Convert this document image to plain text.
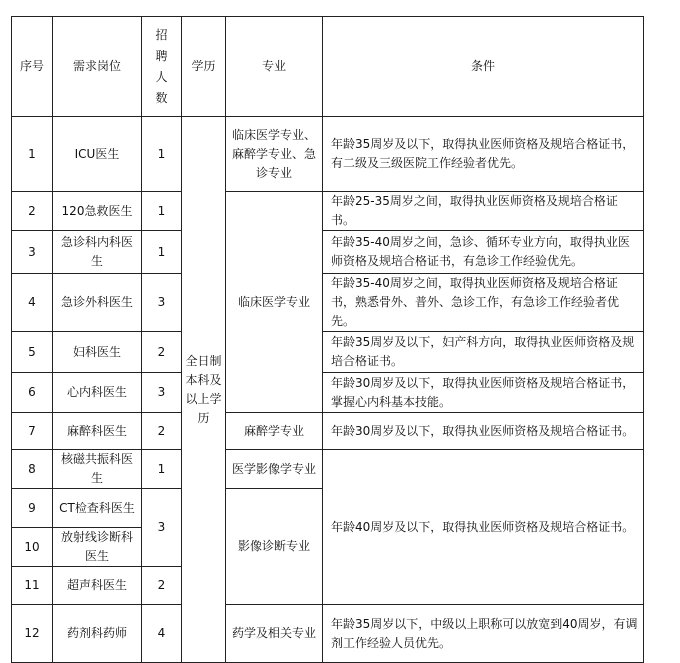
序号	需求岗位	招
聘
人
数	学历	专业	条件
1	ICU医生	1	全日制本科及以上学历	临床医学专业、麻醉学专业、急诊专业	年龄35周岁及以下，取得执业医师资格及规培合格证书，有二级及三级医院工作经验者优先。
2	120急救医生	1		临床医学专业	年龄25-35周岁之间，取得执业医师资格及规培合格证书。
3	急诊科内科医生	1			年龄35-40周岁之间，急诊、循环专业方向，取得执业医师资格及规培合格证书，有急诊工作经验优先。
4	急诊外科医生	3			年龄35-40周岁之间，取得执业医师资格及规培合格证书，熟悉骨外、普外、急诊工作，有急诊工作经验者优先。
5	妇科医生	2			年龄35周岁及以下，妇产科方向，取得执业医师资格及规培合格证书。
6	心内科医生	3			年龄30周岁及以下，取得执业医师资格及规培合格证书，掌握心内科基本技能。
7	麻醉科医生	2		麻醉学专业	年龄30周岁及以下，取得执业医师资格及规培合格证书。
8	核磁共振科医生	1		医学影像学专业	年龄40周岁及以下，取得执业医师资格及规培合格证书。
9	CT检查科医生	3		影像诊断专业	
10	放射线诊断科医生				
11	超声科医生	2			
12	药剂科药师	4		药学及相关专业	年龄35周岁以下，中级以上职称可以放宽到40周岁，有调剂工作经验人员优先。
